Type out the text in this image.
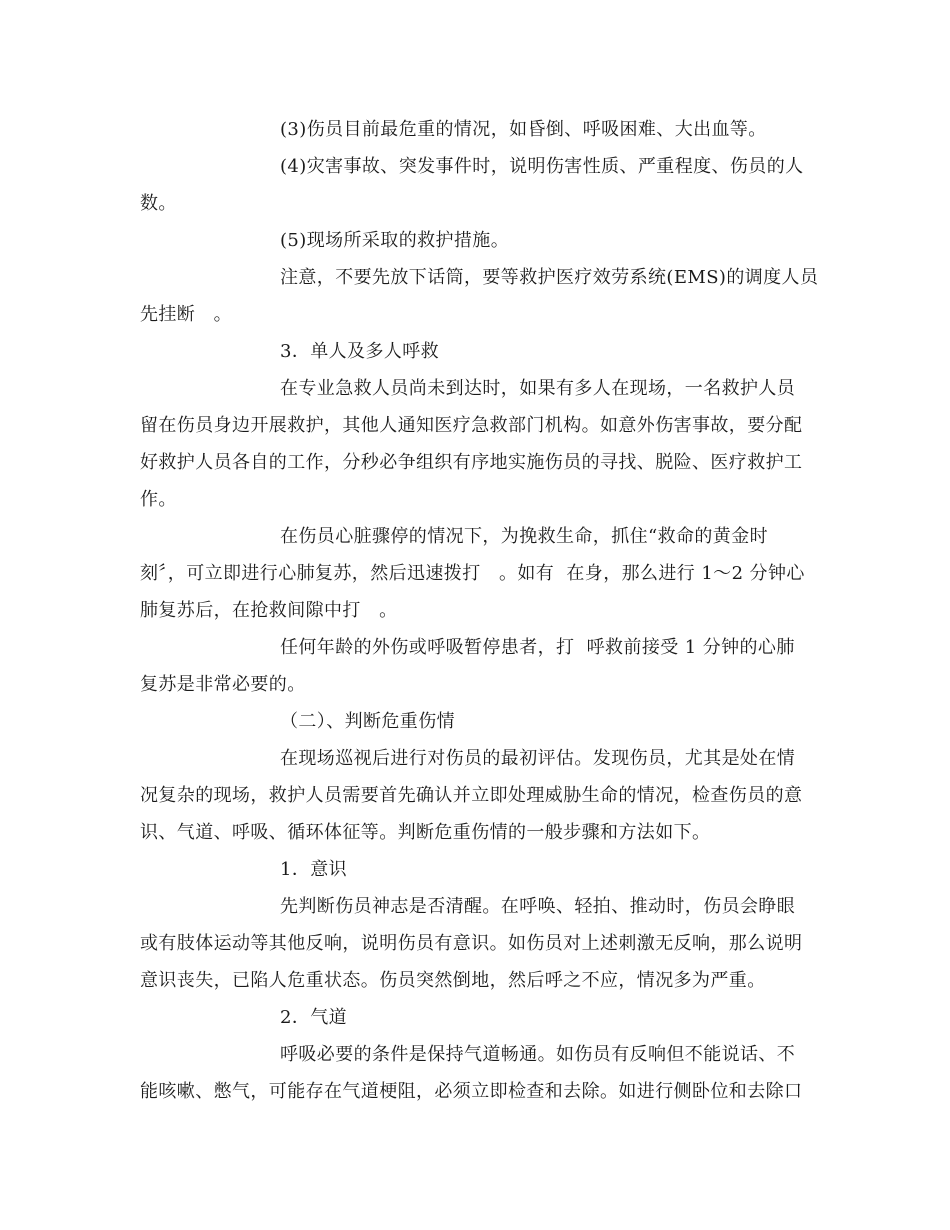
(3)伤员目前最危重的情况，如昏倒、呼吸困难、大出血等。
(4)灾害事故、突发事件时，说明伤害性质、严重程度、伤员的人
数。
(5)现场所采取的救护措施。
注意，不要先放下话筒，要等救护医疗效劳系统(EMS)的调度人员
先挂断   。
3．单人及多人呼救
在专业急救人员尚未到达时，如果有多人在现场，一名救护人员
留在伤员身边开展救护，其他人通知医疗急救部门机构。如意外伤害事故，要分配
好救护人员各自的工作，分秒必争组织有序地实施伤员的寻找、脱险、医疗救护工
作。
在伤员心脏骤停的情况下，为挽救生命，抓住“救命的黄金时
刻〞，可立即进行心肺复苏，然后迅速拨打   。如有  在身，那么进行 1～2 分钟心
肺复苏后，在抢救间隙中打   。
任何年龄的外伤或呼吸暂停患者，打  呼救前接受 1 分钟的心肺
复苏是非常必要的。
（二）、判断危重伤情
在现场巡视后进行对伤员的最初评估。发现伤员，尤其是处在情
况复杂的现场，救护人员需要首先确认并立即处理威胁生命的情况，检查伤员的意
识、气道、呼吸、循环体征等。判断危重伤情的一般步骤和方法如下。
1．意识
先判断伤员神志是否清醒。在呼唤、轻拍、推动时，伤员会睁眼
或有肢体运动等其他反响，说明伤员有意识。如伤员对上述刺激无反响，那么说明
意识丧失，已陷人危重状态。伤员突然倒地，然后呼之不应，情况多为严重。
2．气道
呼吸必要的条件是保持气道畅通。如伤员有反响但不能说话、不
能咳嗽、憋气，可能存在气道梗阻，必须立即检查和去除。如进行侧卧位和去除口
